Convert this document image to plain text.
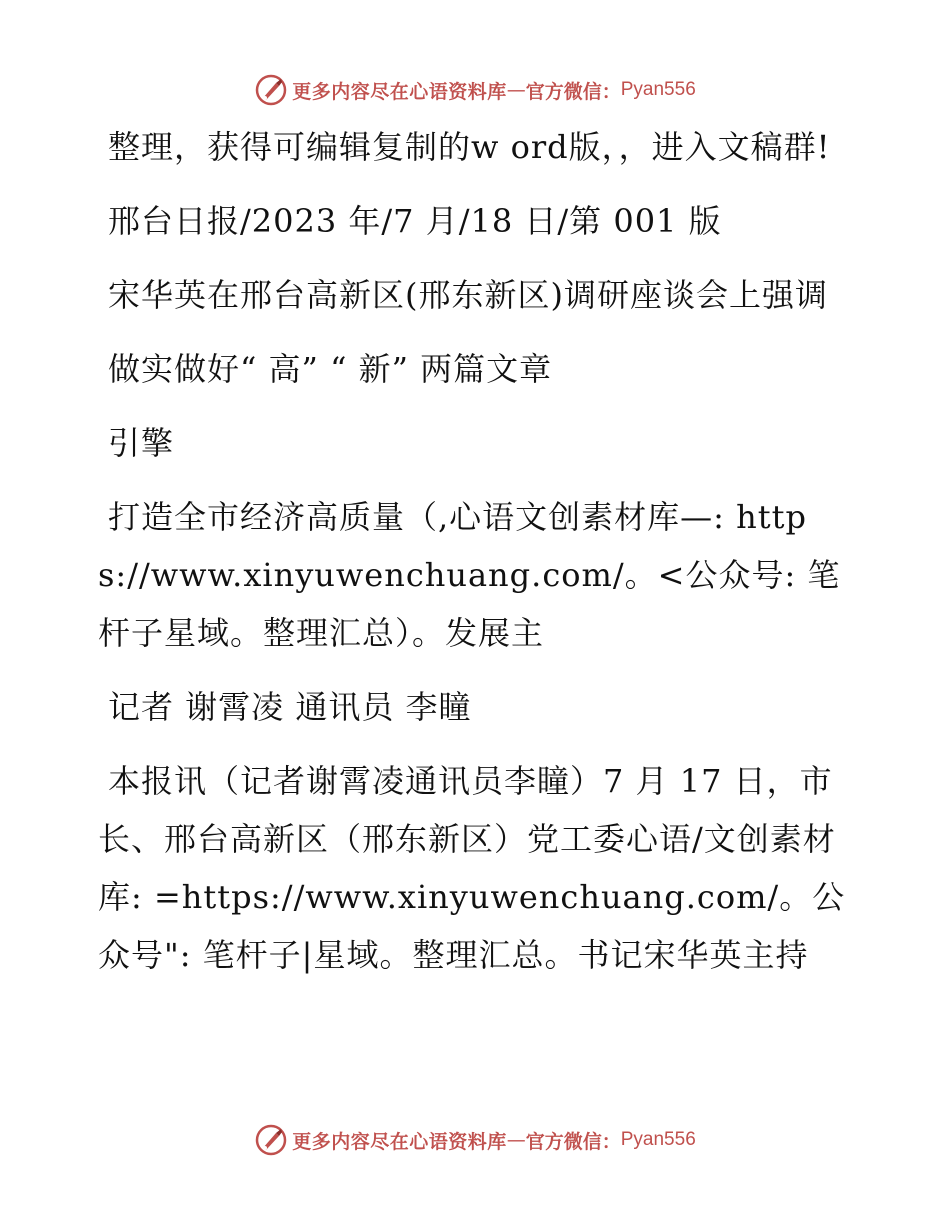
更多内容尽在心语资料库 — 官方微信： Pyan556

整理，获得可编辑复制的w ord版，，进入文稿群!

邢台日报/2023 年/7 月/18 日/第 001 版

宋华英在邢台高新区(邢东新区)调研座谈会上强调

做实做好“ 高” “ 新” 两篇文章

引擎

打造全市经济高质量（,心语文创素材库—: https://www.xinyuwenchuang.com/。<公众号: 笔杆子星域。整理汇总）。发展主

记者 谢霄凌 通讯员 李瞳

本报讯（记者谢霄凌通讯员李瞳）7 月 17 日，市长、邢台高新区（邢东新区）党工委心语/文创素材库: =https://www.xinyuwenchuang.com/。公众号": 笔杆子|星域。整理汇总。书记宋华英主持

更多内容尽在心语资料库 — 官方微信： Pyan556
